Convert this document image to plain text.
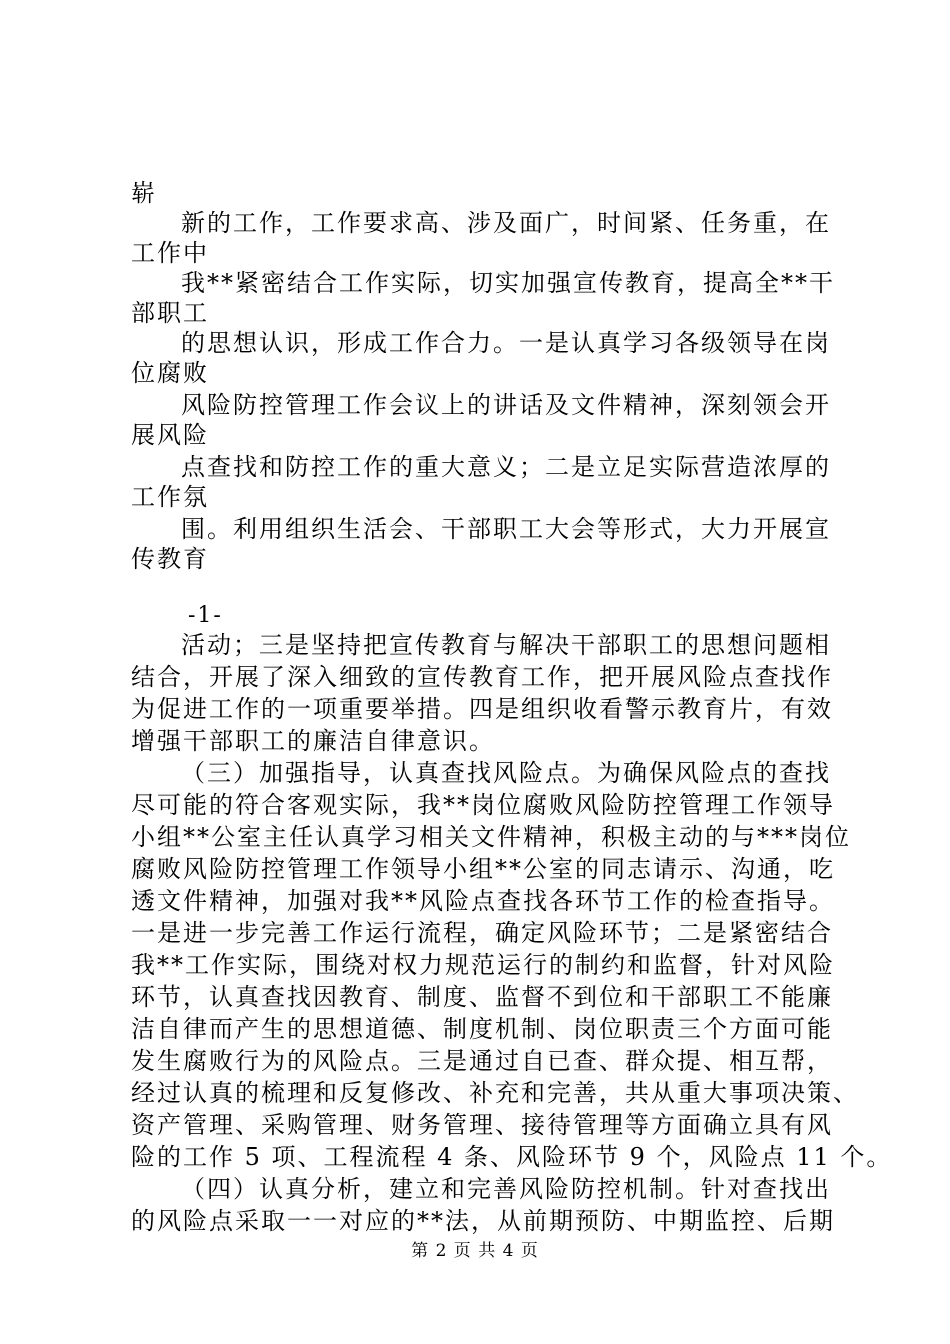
崭
新的工作，工作要求高、涉及面广，时间紧、任务重，在
工作中
我**紧密结合工作实际，切实加强宣传教育，提高全**干
部职工
的思想认识，形成工作合力。一是认真学习各级领导在岗
位腐败
风险防控管理工作会议上的讲话及文件精神，深刻领会开
展风险
点查找和防控工作的重大意义；二是立足实际营造浓厚的
工作氛
围。利用组织生活会、干部职工大会等形式，大力开展宣
传教育
-1-
活动；三是坚持把宣传教育与解决干部职工的思想问题相
结合，开展了深入细致的宣传教育工作，把开展风险点查找作
为促进工作的一项重要举措。四是组织收看警示教育片，有效
增强干部职工的廉洁自律意识。
（三）加强指导，认真查找风险点。为确保风险点的查找
尽可能的符合客观实际，我**岗位腐败风险防控管理工作领导
小组**公室主任认真学习相关文件精神，积极主动的与***岗位
腐败风险防控管理工作领导小组**公室的同志请示、沟通，吃
透文件精神，加强对我**风险点查找各环节工作的检查指导。
一是进一步完善工作运行流程，确定风险环节；二是紧密结合
我**工作实际，围绕对权力规范运行的制约和监督，针对风险
环节，认真查找因教育、制度、监督不到位和干部职工不能廉
洁自律而产生的思想道德、制度机制、岗位职责三个方面可能
发生腐败行为的风险点。三是通过自已查、群众提、相互帮，
经过认真的梳理和反复修改、补充和完善，共从重大事项决策、
资产管理、采购管理、财务管理、接待管理等方面确立具有风
险的工作 5 项、工程流程 4 条、风险环节 9 个，风险点 11 个。
（四）认真分析，建立和完善风险防控机制。针对查找出
的风险点采取一一对应的**法，从前期预防、中期监控、后期
第 2 页 共 4 页
